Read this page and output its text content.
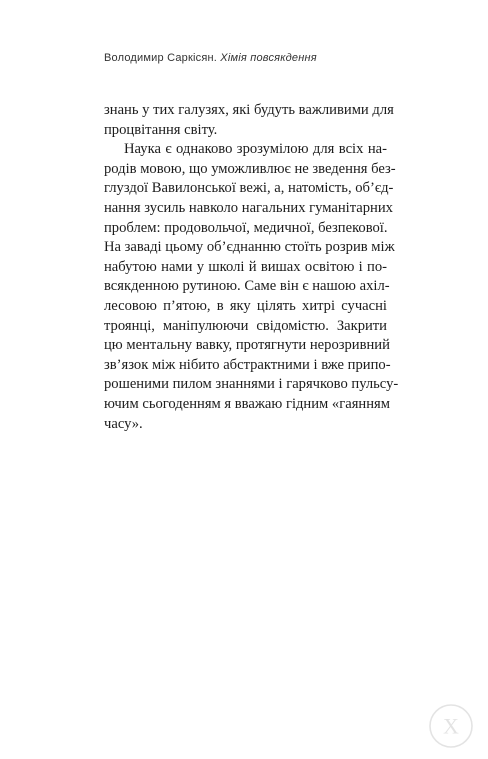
Володимир Саркісян. Хімія повсякдення
знань у тих галузях, які будуть важливими для
процвітання світу.
Наука є однаково зрозумілою для всіх на-
родів мовою, що уможливлює не зведення без-
глуздої Вавилонської вежі, а, натомість, об’єд-
нання зусиль навколо нагальних гуманітарних
проблем: продовольчої, медичної, безпекової.
На заваді цьому об’єднанню стоїть розрив між
набутою нами у школі й вишах освітою і по-
всякденною рутиною. Саме він є нашою ахіл-
лесовою п’ятою, в яку цілять хитрі сучасні
троянці, маніпулюючи свідомістю. Закрити
цю ментальну вавку, протягнути нерозривний
зв’язок між нібито абстрактними і вже припо-
рошеними пилом знаннями і гарячково пульсу-
ючим сьогоденням я вважаю гідним «гаянням
часу».
X
